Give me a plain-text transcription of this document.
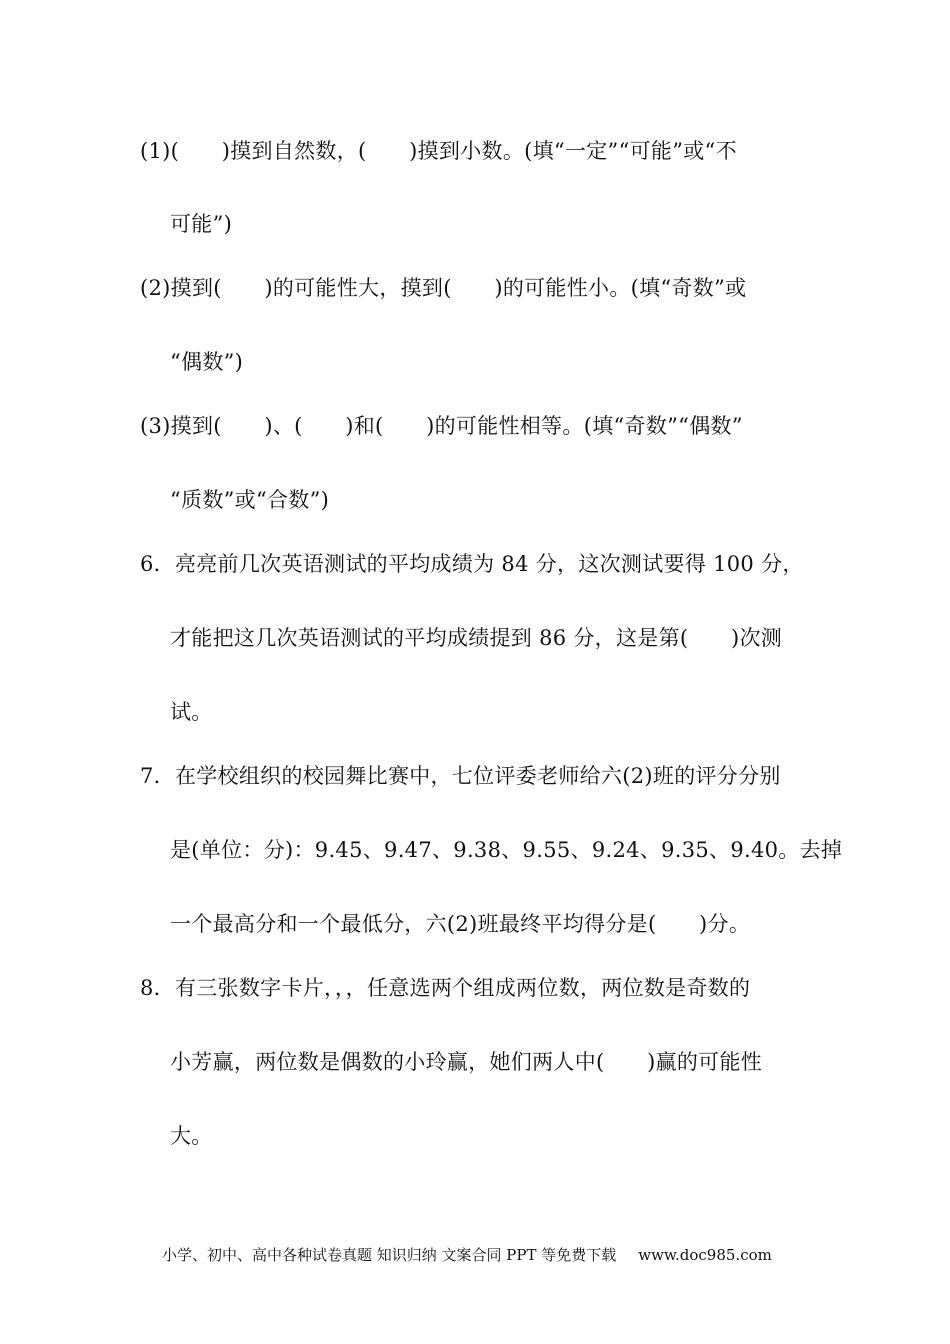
(1)(　　)摸到自然数，(　　)摸到小数。(填“一定”“可能”或“不
可能”)
(2)摸到(　　)的可能性大，摸到(　　)的可能性小。(填“奇数”或
“偶数”)
(3)摸到(　　)、(　　)和(　　)的可能性相等。(填“奇数”“偶数”
“质数”或“合数”)
6．亮亮前几次英语测试的平均成绩为 84 分，这次测试要得 100 分，
才能把这几次英语测试的平均成绩提到 86 分，这是第(　　)次测
试。
7．在学校组织的校园舞比赛中，七位评委老师给六(2)班的评分分别
是(单位：分)：9.45、9.47、9.38、9.55、9.24、9.35、9.40。去掉
一个最高分和一个最低分，六(2)班最终平均得分是(　　)分。
8．有三张数字卡片，，，任意选两个组成两位数，两位数是奇数的
小芳赢，两位数是偶数的小玲赢，她们两人中(　　)赢的可能性
大。
小学、初中、高中各种试卷真题 知识归纳 文案合同 PPT 等免费下载 www.doc985.com
